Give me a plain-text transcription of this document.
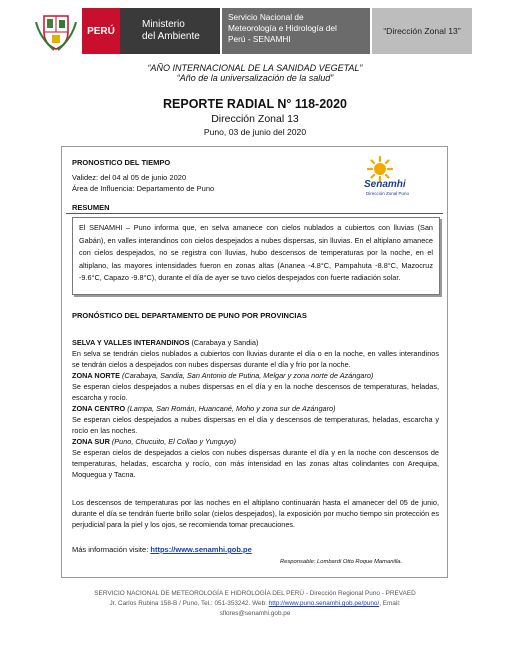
PERÚ
Ministerio
del Ambiente
Servicio Nacional de
Meteorología e Hidrología del
Perú - SENAMHI
“Dirección Zonal 13”
“AÑO INTERNACIONAL DE LA SANIDAD VEGETAL”
“Año de la universalización de la salud”
REPORTE RADIAL N° 118-2020
Dirección Zonal 13
Puno, 03 de junio del 2020
PRONOSTICO DEL TIEMPO
Validez: del 04 al 05 de junio 2020
Área de Influencia: Departamento de Puno	Senamhi
Dirección Zonal Puno
RESUMEN
El SENAMHI – Puno informa que, en selva amanece con cielos nublados a cubiertos con lluvias (San Gabán), en valles interandinos con cielos despejados a nubes dispersas, sin lluvias. En el altiplano amanece con cielos despejados, no se registra con lluvias, hubo descensos de temperaturas por la noche, en el altiplano, las mayores intensidades fueron en zonas altas (Ananea -4.8°C, Pampahuta -8.8°C, Mazocruz -9.6°C, Capazo -9.8°C), durante el día de ayer se tuvo cielos despejados con fuerte radiación solar.
PRONÓSTICO DEL DEPARTAMENTO DE PUNO POR PROVINCIAS
SELVA Y VALLES INTERANDINOS (Carabaya y Sandia)
En selva se tendrán cielos nublados a cubiertos con lluvias durante el día o en la noche, en valles interandinos se tendrán cielos a despejados con nubes dispersas durante el día y frío por la noche.
ZONA NORTE (Carabaya, Sandia, San Antonio de Putina, Melgar y zona norte de Azángaro)
Se esperan cielos despejados a nubes dispersas en el día y en la noche descensos de temperaturas, heladas, escarcha y rocío.
ZONA CENTRO (Lampa, San Román, Huancané, Moho y zona sur de Azángaro)
Se esperan cielos despejados a nubes dispersas en el día y descensos de temperaturas, heladas, escarcha y rocío en las noches.
ZONA SUR (Puno, Chucuito, El Collao y Yunguyo)
Se esperan cielos de despejados a cielos con nubes dispersas durante el día y en la noche con descensos de temperaturas, heladas, escarcha y rocío, con más intensidad en las zonas altas colindantes con Arequipa, Moquegua y Tacna.
Los descensos de temperaturas por las noches en el altiplano continuarán hasta el amanecer del 05 de junio, durante el día se tendrán fuerte brillo solar (cielos despejados), la exposición por mucho tiempo sin protección es perjudicial para la piel y los ojos, se recomienda tomar precauciones.
Más información visite: https://www.senamhi.gob.pe
Responsable: Lombardi Otto Roque Mamanilla.
SERVICIO NACIONAL DE METEOROLOGÍA E HIDROLOGÍA DEL PERÚ - Dirección Regional Puno - PREVAED
Jr. Carlos Rubina 158-B / Puno, Tel.: 051-353242. Web: http://www.puno.senamhi.gob.pe/puno/, Email:
sflores@senamhi.gob.pe
